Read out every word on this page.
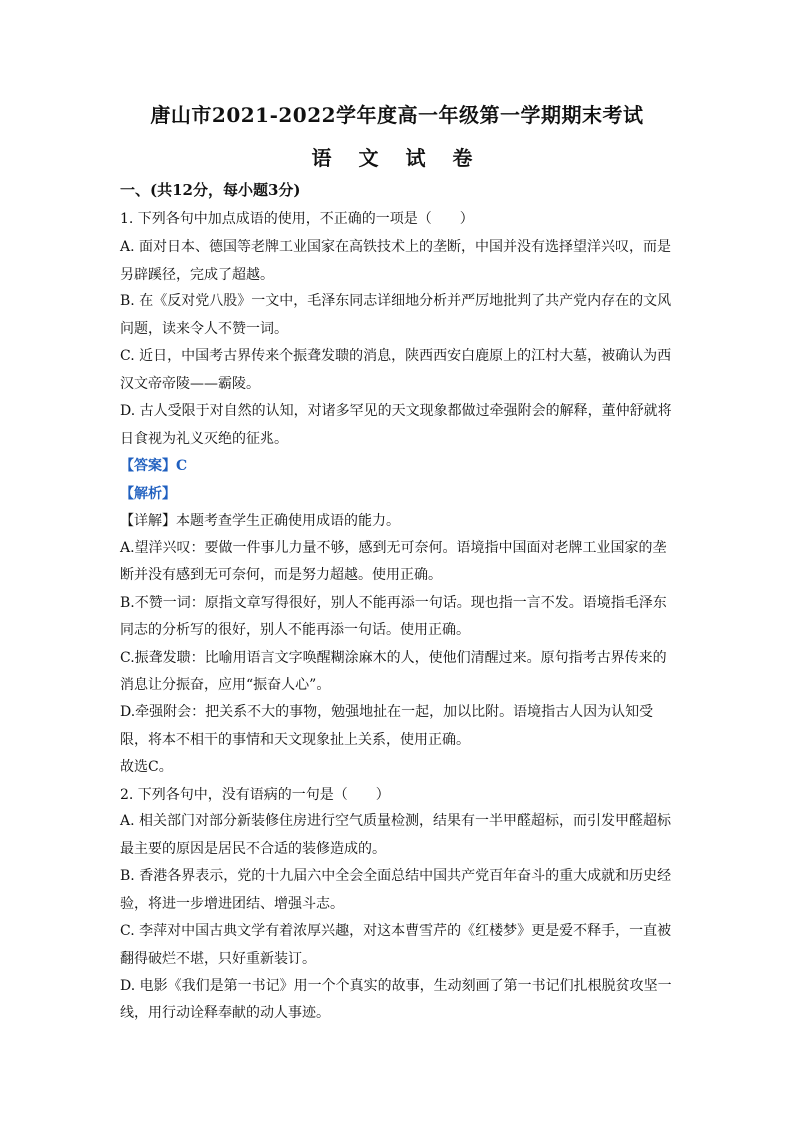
唐山市2021-2022学年度高一年级第一学期期末考试
语 文 试 卷
一、(共12分，每小题3分)
1. 下列各句中加点成语的使用，不正确的一项是（　　）
A. 面对日本、德国等老牌工业国家在高铁技术上的垄断，中国并没有选择望洋兴叹，而是
另辟蹊径，完成了超越。
B. 在《反对党八股》一文中，毛泽东同志详细地分析并严厉地批判了共产党内存在的文风
问题，读来令人不赞一词。
C. 近日，中国考古界传来个振聋发聩的消息，陕西西安白鹿原上的江村大墓，被确认为西
汉文帝帝陵——霸陵。
D. 古人受限于对自然的认知，对诸多罕见的天文现象都做过牵强附会的解释，董仲舒就将
日食视为礼义灭绝的征兆。
【答案】C
【解析】
【详解】本题考查学生正确使用成语的能力。
A.望洋兴叹：要做一件事儿力量不够，感到无可奈何。语境指中国面对老牌工业国家的垄
断并没有感到无可奈何，而是努力超越。使用正确。
B.不赞一词：原指文章写得很好，别人不能再添一句话。现也指一言不发。语境指毛泽东
同志的分析写的很好，别人不能再添一句话。使用正确。
C.振聋发聩：比喻用语言文字唤醒糊涂麻木的人，使他们清醒过来。原句指考古界传来的
消息让分振奋，应用“振奋人心”。
D.牵强附会：把关系不大的事物，勉强地扯在一起，加以比附。语境指古人因为认知受
限，将本不相干的事情和天文现象扯上关系，使用正确。
故选C。
2. 下列各句中，没有语病的一句是（　　）
A. 相关部门对部分新装修住房进行空气质量检测，结果有一半甲醛超标，而引发甲醛超标
最主要的原因是居民不合适的装修造成的。
B. 香港各界表示，党的十九届六中全会全面总结中国共产党百年奋斗的重大成就和历史经
验，将进一步增进团结、增强斗志。
C. 李萍对中国古典文学有着浓厚兴趣，对这本曹雪芹的《红楼梦》更是爱不释手，一直被
翻得破烂不堪，只好重新装订。
D. 电影《我们是第一书记》用一个个真实的故事，生动刻画了第一书记们扎根脱贫攻坚一
线，用行动诠释奉献的动人事迹。
